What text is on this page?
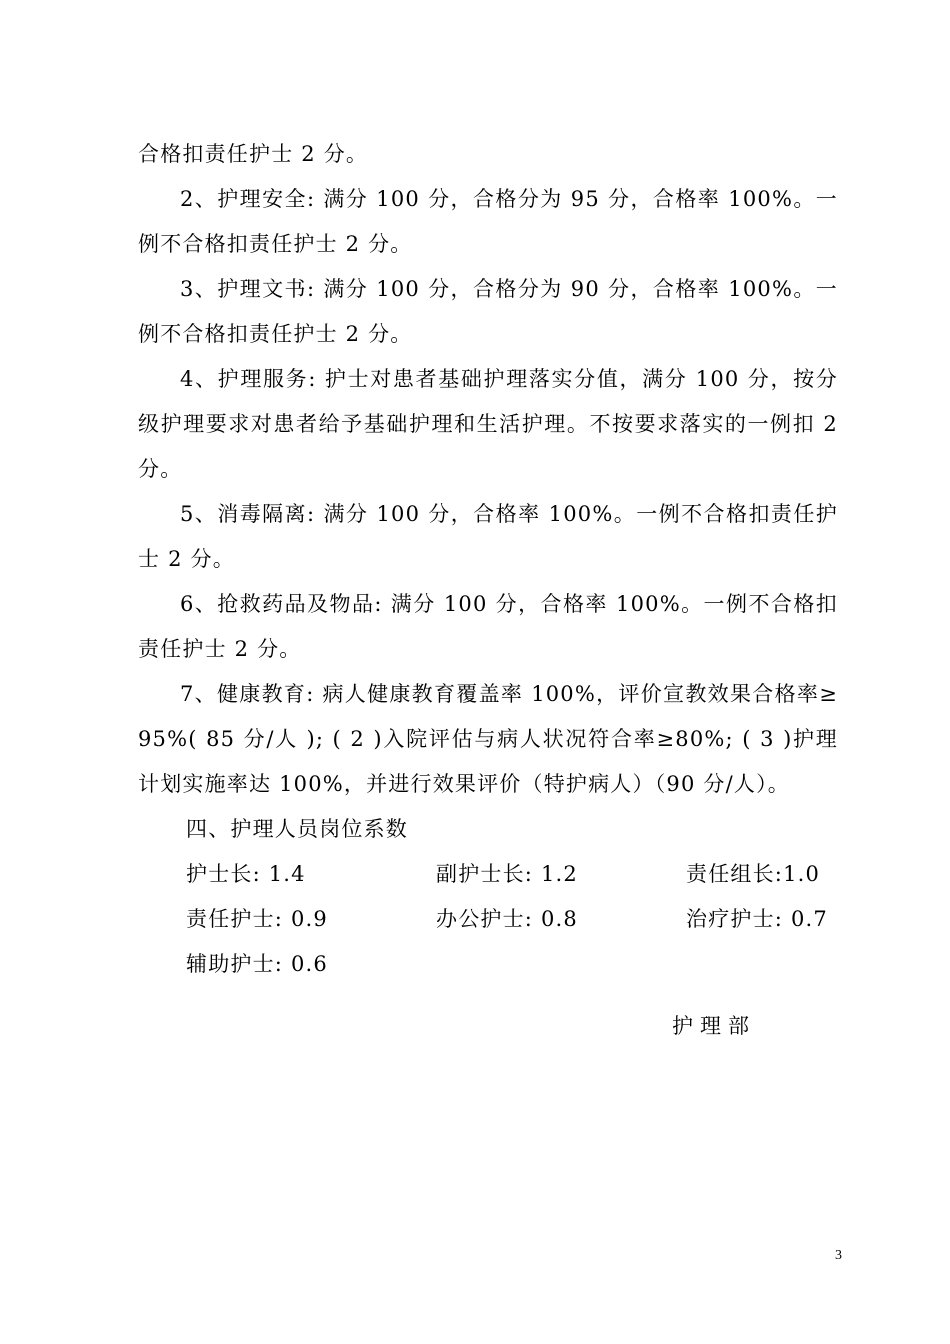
合格扣责任护士 2 分。

2、护理安全: 满分 100 分，合格分为 95 分，合格率 100%。一例不合格扣责任护士 2 分。

3、护理文书: 满分 100 分，合格分为 90 分，合格率 100%。一例不合格扣责任护士 2 分。

4、护理服务: 护士对患者基础护理落实分值，满分 100 分，按分级护理要求对患者给予基础护理和生活护理。不按要求落实的一例扣 2 分。

5、消毒隔离: 满分 100 分，合格率 100%。一例不合格扣责任护士 2 分。

6、抢救药品及物品: 满分 100 分，合格率 100%。一例不合格扣责任护士 2 分。

7、健康教育: 病人健康教育覆盖率 100%，评价宣教效果合格率≥95%( 85 分/人 ); ( 2 )入院评估与病人状况符合率≥80%; ( 3 )护理计划实施率达 100%，并进行效果评价（特护病人）（90 分/人）。

四、护理人员岗位系数

护士长: 1.4	副护士长: 1.2	责任组长:1.0
责任护士: 0.9	办公护士: 0.8	治疗护士: 0.7
辅助护士: 0.6
护理部
3
